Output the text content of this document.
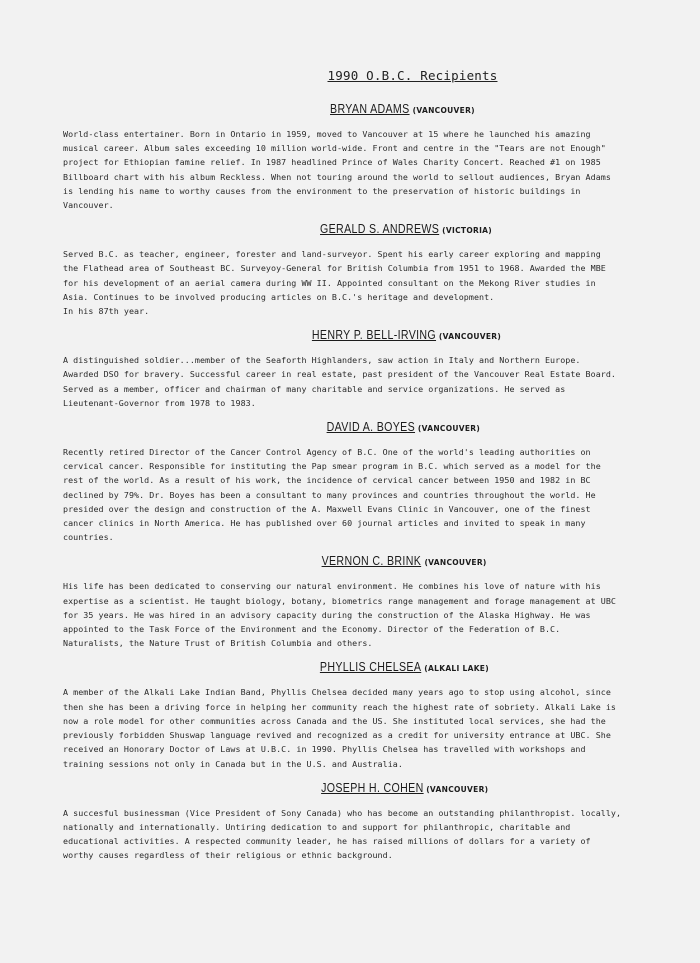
1990 O.B.C. Recipients
BRYAN ADAMS (VANCOUVER)
World-class entertainer. Born in Ontario in 1959, moved to Vancouver at 15 where he launched his amazing
musical career. Album sales exceeding 10 million world-wide. Front and centre in the "Tears are not Enough"
project for Ethiopian famine relief. In 1987 headlined Prince of Wales Charity Concert. Reached #1 on 1985
Billboard chart with his album Reckless. When not touring around the world to sellout audiences, Bryan Adams
is lending his name to worthy causes from the environment to the preservation of historic buildings in
Vancouver.
GERALD S. ANDREWS (VICTORIA)
Served B.C. as teacher, engineer, forester and land-surveyor. Spent his early career exploring and mapping
the Flathead area of Southeast BC. Surveyoy-General for British Columbia from 1951 to 1968. Awarded the MBE
for his development of an aerial camera during WW II. Appointed consultant on the Mekong River studies in
Asia. Continues to be involved producing articles on B.C.'s heritage and development.
In his 87th year.
HENRY P. BELL-IRVING (VANCOUVER)
A distinguished soldier...member of the Seaforth Highlanders, saw action in Italy and Northern Europe.
Awarded DSO for bravery. Successful career in real estate, past president of the Vancouver Real Estate Board.
Served as a member, officer and chairman of many charitable and service organizations. He served as
Lieutenant-Governor from 1978 to 1983.
DAVID A. BOYES (VANCOUVER)
Recently retired Director of the Cancer Control Agency of B.C. One of the world's leading authorities on
cervical cancer. Responsible for instituting the Pap smear program in B.C. which served as a model for the
rest of the world. As a result of his work, the incidence of cervical cancer between 1950 and 1982 in BC
declined by 79%. Dr. Boyes has been a consultant to many provinces and countries throughout the world. He
presided over the design and construction of the A. Maxwell Evans Clinic in Vancouver, one of the finest
cancer clinics in North America. He has published over 60 journal articles and invited to speak in many
countries.
VERNON C. BRINK (VANCOUVER)
His life has been dedicated to conserving our natural environment. He combines his love of nature with his
expertise as a scientist. He taught biology, botany, biometrics range management and forage management at UBC
for 35 years. He was hired in an advisory capacity during the construction of the Alaska Highway. He was
appointed to the Task Force of the Environment and the Economy. Director of the Federation of B.C.
Naturalists, the Nature Trust of British Columbia and others.
PHYLLIS CHELSEA (ALKALI LAKE)
A member of the Alkali Lake Indian Band, Phyllis Chelsea decided many years ago to stop using alcohol, since
then she has been a driving force in helping her community reach the highest rate of sobriety. Alkali Lake is
now a role model for other communities across Canada and the US. She instituted local services, she had the
previously forbidden Shuswap language revived and recognized as a credit for university entrance at UBC. She
received an Honorary Doctor of Laws at U.B.C. in 1990. Phyllis Chelsea has travelled with workshops and
training sessions not only in Canada but in the U.S. and Australia.
JOSEPH H. COHEN (VANCOUVER)
A succesful businessman (Vice President of Sony Canada) who has become an outstanding philanthropist. locally,
nationally and internationally. Untiring dedication to and support for philanthropic, charitable and
educational activities. A respected community leader, he has raised millions of dollars for a variety of
worthy causes regardless of their religious or ethnic background.
